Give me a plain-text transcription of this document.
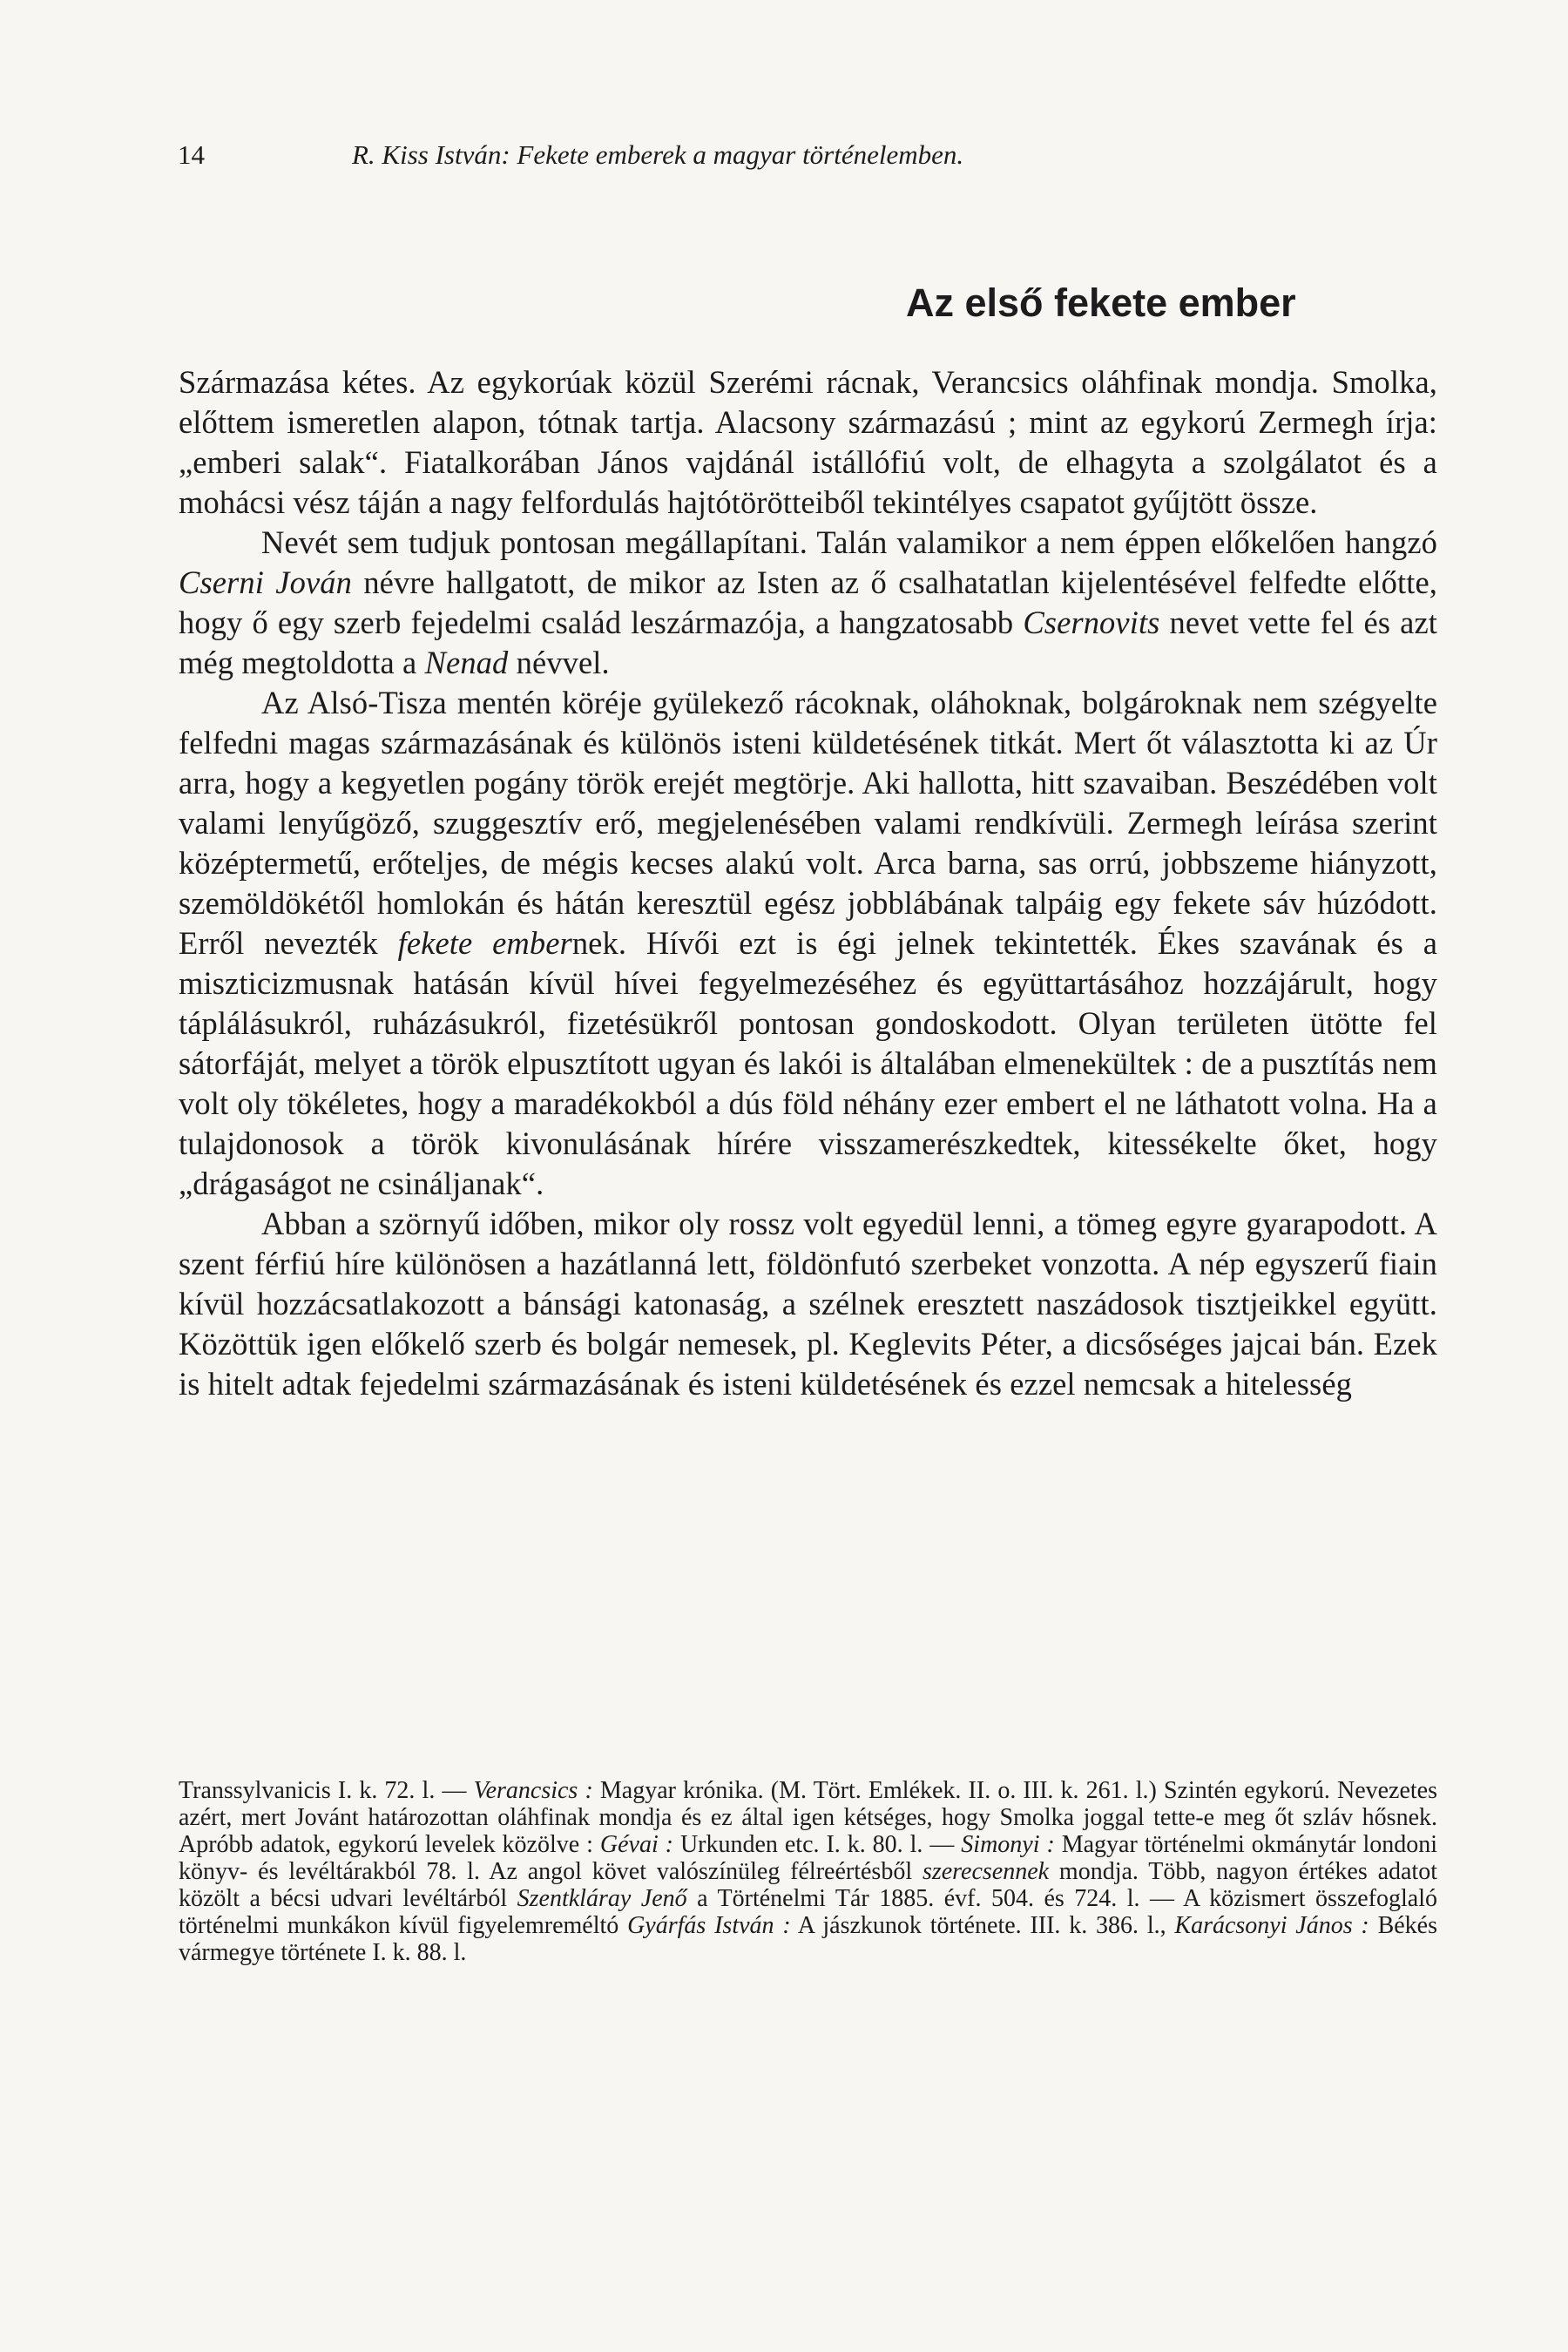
14	R. Kiss István: Fekete emberek a magyar történelemben.
Az első fekete ember

Származása kétes. Az egykorúak közül Szerémi rácnak, Verancsics oláhfinak mondja. Smolka, előttem ismeretlen alapon, tótnak tartja. Alacsony származású ; mint az egykorú Zermegh írja: „emberi salak“. Fiatalkorában János vajdánál istállófiú volt, de elhagyta a szolgálatot és a mohácsi vész táján a nagy felfordulás hajtótörötteiből tekintélyes csapatot gyűjtött össze.

Nevét sem tudjuk pontosan megállapítani. Talán valamikor a nem éppen előkelően hangzó Cserni Jován névre hallgatott, de mikor az Isten az ő csalhatatlan kijelentésével felfedte előtte, hogy ő egy szerb fejedelmi család leszármazója, a hangzatosabb Csernovits nevet vette fel és azt még megtoldotta a Nenad névvel.

Az Alsó-Tisza mentén köréje gyülekező rácoknak, oláhoknak, bolgároknak nem szégyelte felfedni magas származásának és különös isteni küldetésének titkát. Mert őt választotta ki az Úr arra, hogy a kegyetlen pogány török erejét megtörje. Aki hallotta, hitt szavaiban. Beszédében volt valami lenyűgöző, szuggesztív erő, megjelenésében valami rendkívüli. Zermegh leírása szerint középtermetű, erőteljes, de mégis kecses alakú volt. Arca barna, sas orrú, jobbszeme hiányzott, szemöldökétől homlokán és hátán keresztül egész jobblábának talpáig egy fekete sáv húzódott. Erről nevezték fekete embernek. Hívői ezt is égi jelnek tekintették. Ékes szavának és a miszticizmusnak hatásán kívül hívei fegyelmezéséhez és együttartásához hozzájárult, hogy táplálásukról, ruházásukról, fizetésükről pontosan gondoskodott. Olyan területen ütötte fel sátorfáját, melyet a török elpusztított ugyan és lakói is általában elmenekültek : de a pusztítás nem volt oly tökéletes, hogy a maradékokból a dús föld néhány ezer embert el ne láthatott volna. Ha a tulajdonosok a török kivonulásának hírére visszamerészkedtek, kitessékelte őket, hogy „drágaságot ne csináljanak“.

Abban a szörnyű időben, mikor oly rossz volt egyedül lenni, a tömeg egyre gyarapodott. A szent férfiú híre különösen a hazátlanná lett, földönfutó szerbeket vonzotta. A nép egyszerű fiain kívül hozzácsatlakozott a bánsági katonaság, a szélnek eresztett naszádosok tisztjeikkel együtt. Közöttük igen előkelő szerb és bolgár nemesek, pl. Keglevits Péter, a dicsőséges jajcai bán. Ezek is hitelt adtak fejedelmi származásának és isteni küldetésének és ezzel nemcsak a hitelesség

Transsylvanicis I. k. 72. l. — Verancsics : Magyar krónika. (M. Tört. Emlékek. II. o. III. k. 261. l.) Szintén egykorú. Nevezetes azért, mert Jovánt határozottan oláhfinak mondja és ez által igen kétséges, hogy Smolka joggal tette-e meg őt szláv hősnek. Apróbb adatok, egykorú levelek közölve : Gévai : Urkunden etc. I. k. 80. l. — Simonyi : Magyar történelmi okmánytár londoni könyv- és levéltárakból 78. l. Az angol követ valószínüleg félreértésből szerecsennek mondja. Több, nagyon értékes adatot közölt a bécsi udvari levéltárból Szentkláray Jenő a Történelmi Tár 1885. évf. 504. és 724. l. — A közismert összefoglaló történelmi munkákon kívül figyelemreméltó Gyárfás István : A jászkunok története. III. k. 386. l., Karácsonyi János : Békés vármegye története I. k. 88. l.
